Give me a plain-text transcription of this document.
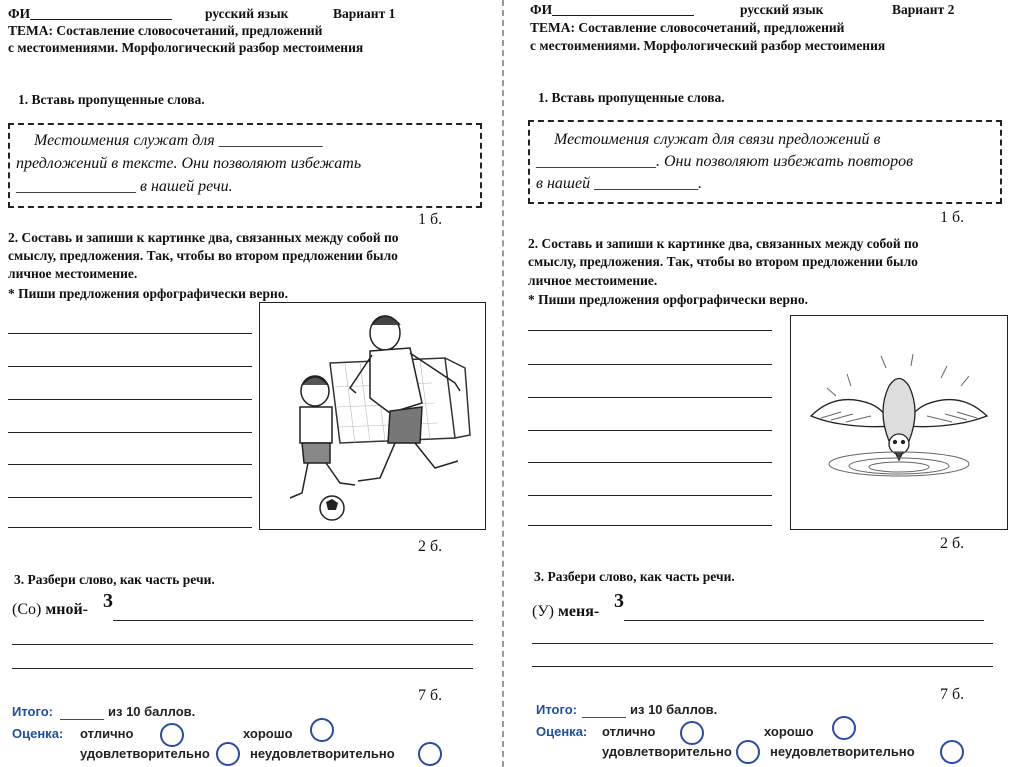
ФИ_____________________ русский язык	Вариант 1
ТЕМА: Составление словосочетаний, предложений
с местоимениями. Морфологический разбор местоимения
1. Вставь пропущенные слова.
Местоимения служат для _____________
предложений в тексте. Они позволяют избежать
_______________ в нашей речи.
1 б.
2. Составь и запиши к картинке два, связанных между собой по
смыслу, предложения. Так, чтобы во втором предложении было
личное местоимение.
* Пиши предложения орфографически верно.
2 б.
3. Разбери слово, как часть речи.
(Со) мной- 3
7 б.
Итого:	из 10 баллов.
Оценка: отлично	хорошо
удовлетворительно	неудовлетворительно
ФИ_____________________	русский язык	Вариант 2
ТЕМА: Составление словосочетаний, предложений
с местоимениями. Морфологический разбор местоимения
1. Вставь пропущенные слова.
Местоимения служат для связи предложений в
_______________. Они позволяют избежать повторов
в нашей _____________.
1 б.
2. Составь и запиши к картинке два, связанных между собой по
смыслу, предложения. Так, чтобы во втором предложении было
личное местоимение.
* Пиши предложения орфографически верно.
2 б.
3. Разбери слово, как часть речи.
(У) меня- 3
7 б.
Итого:	из 10 баллов.
Оценка: отлично	хорошо
удовлетворительно	неудовлетворительно
